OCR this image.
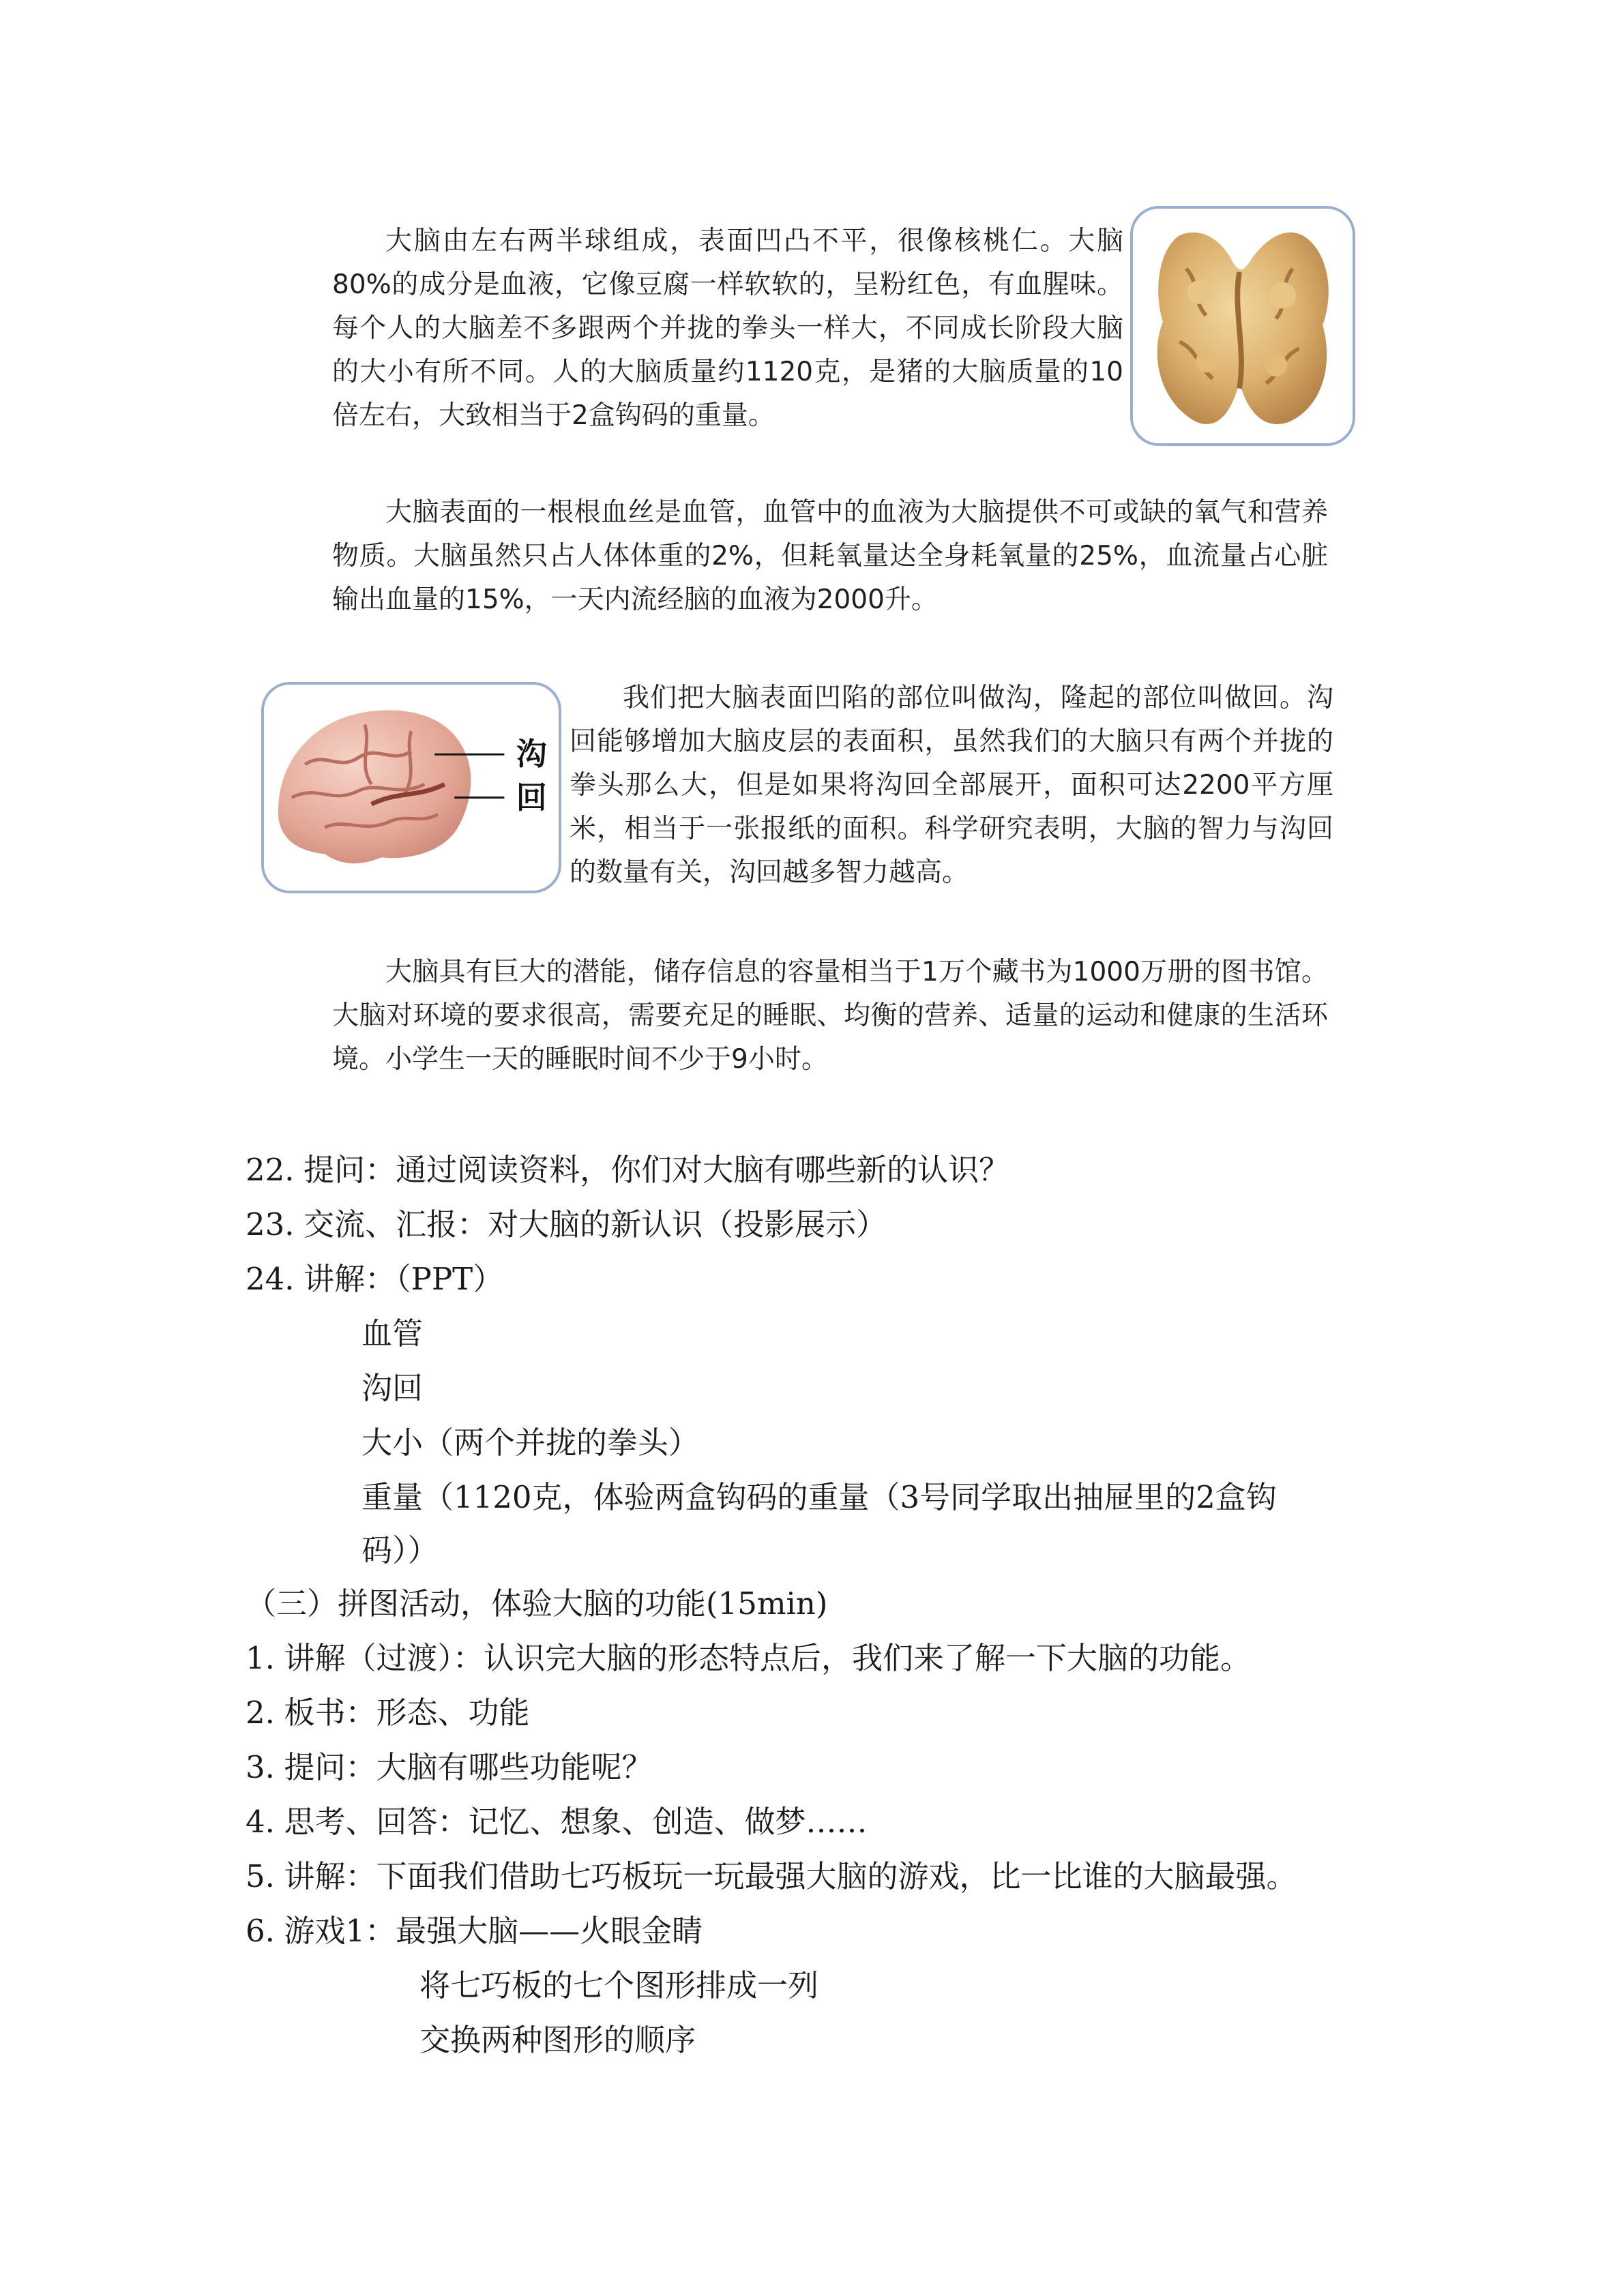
大脑由左右两半球组成，表面凹凸不平，很像核桃仁。大脑80%的成分是血液，它像豆腐一样软软的，呈粉红色，有血腥味。每个人的大脑差不多跟两个并拢的拳头一样大，不同成长阶段大脑的大小有所不同。人的大脑质量约1120克，是猪的大脑质量的10倍左右，大致相当于2盒钩码的重量。

大脑表面的一根根血丝是血管，血管中的血液为大脑提供不可或缺的氧气和营养物质。大脑虽然只占人体体重的2%，但耗氧量达全身耗氧量的25%，血流量占心脏输出血量的15%，一天内流经脑的血液为2000升。

沟
回

我们把大脑表面凹陷的部位叫做沟，隆起的部位叫做回。沟回能够增加大脑皮层的表面积，虽然我们的大脑只有两个并拢的拳头那么大，但是如果将沟回全部展开，面积可达2200平方厘米，相当于一张报纸的面积。科学研究表明，大脑的智力与沟回的数量有关，沟回越多智力越高。

大脑具有巨大的潜能，储存信息的容量相当于1万个藏书为1000万册的图书馆。大脑对环境的要求很高，需要充足的睡眠、均衡的营养、适量的运动和健康的生活环境。小学生一天的睡眠时间不少于9小时。

22. 提问：通过阅读资料，你们对大脑有哪些新的认识？
23. 交流、汇报：对大脑的新认识（投影展示）
24. 讲解：（PPT）
血管
沟回
大小（两个并拢的拳头）
重量（1120克，体验两盒钩码的重量（3号同学取出抽屉里的2盒钩
码））
（三）拼图活动，体验大脑的功能(15min)
1. 讲解（过渡）：认识完大脑的形态特点后，我们来了解一下大脑的功能。
2. 板书：形态、功能
3. 提问：大脑有哪些功能呢？
4. 思考、回答：记忆、想象、创造、做梦……
5. 讲解：下面我们借助七巧板玩一玩最强大脑的游戏，比一比谁的大脑最强。
6. 游戏1：最强大脑——火眼金睛
将七巧板的七个图形排成一列
交换两种图形的顺序
